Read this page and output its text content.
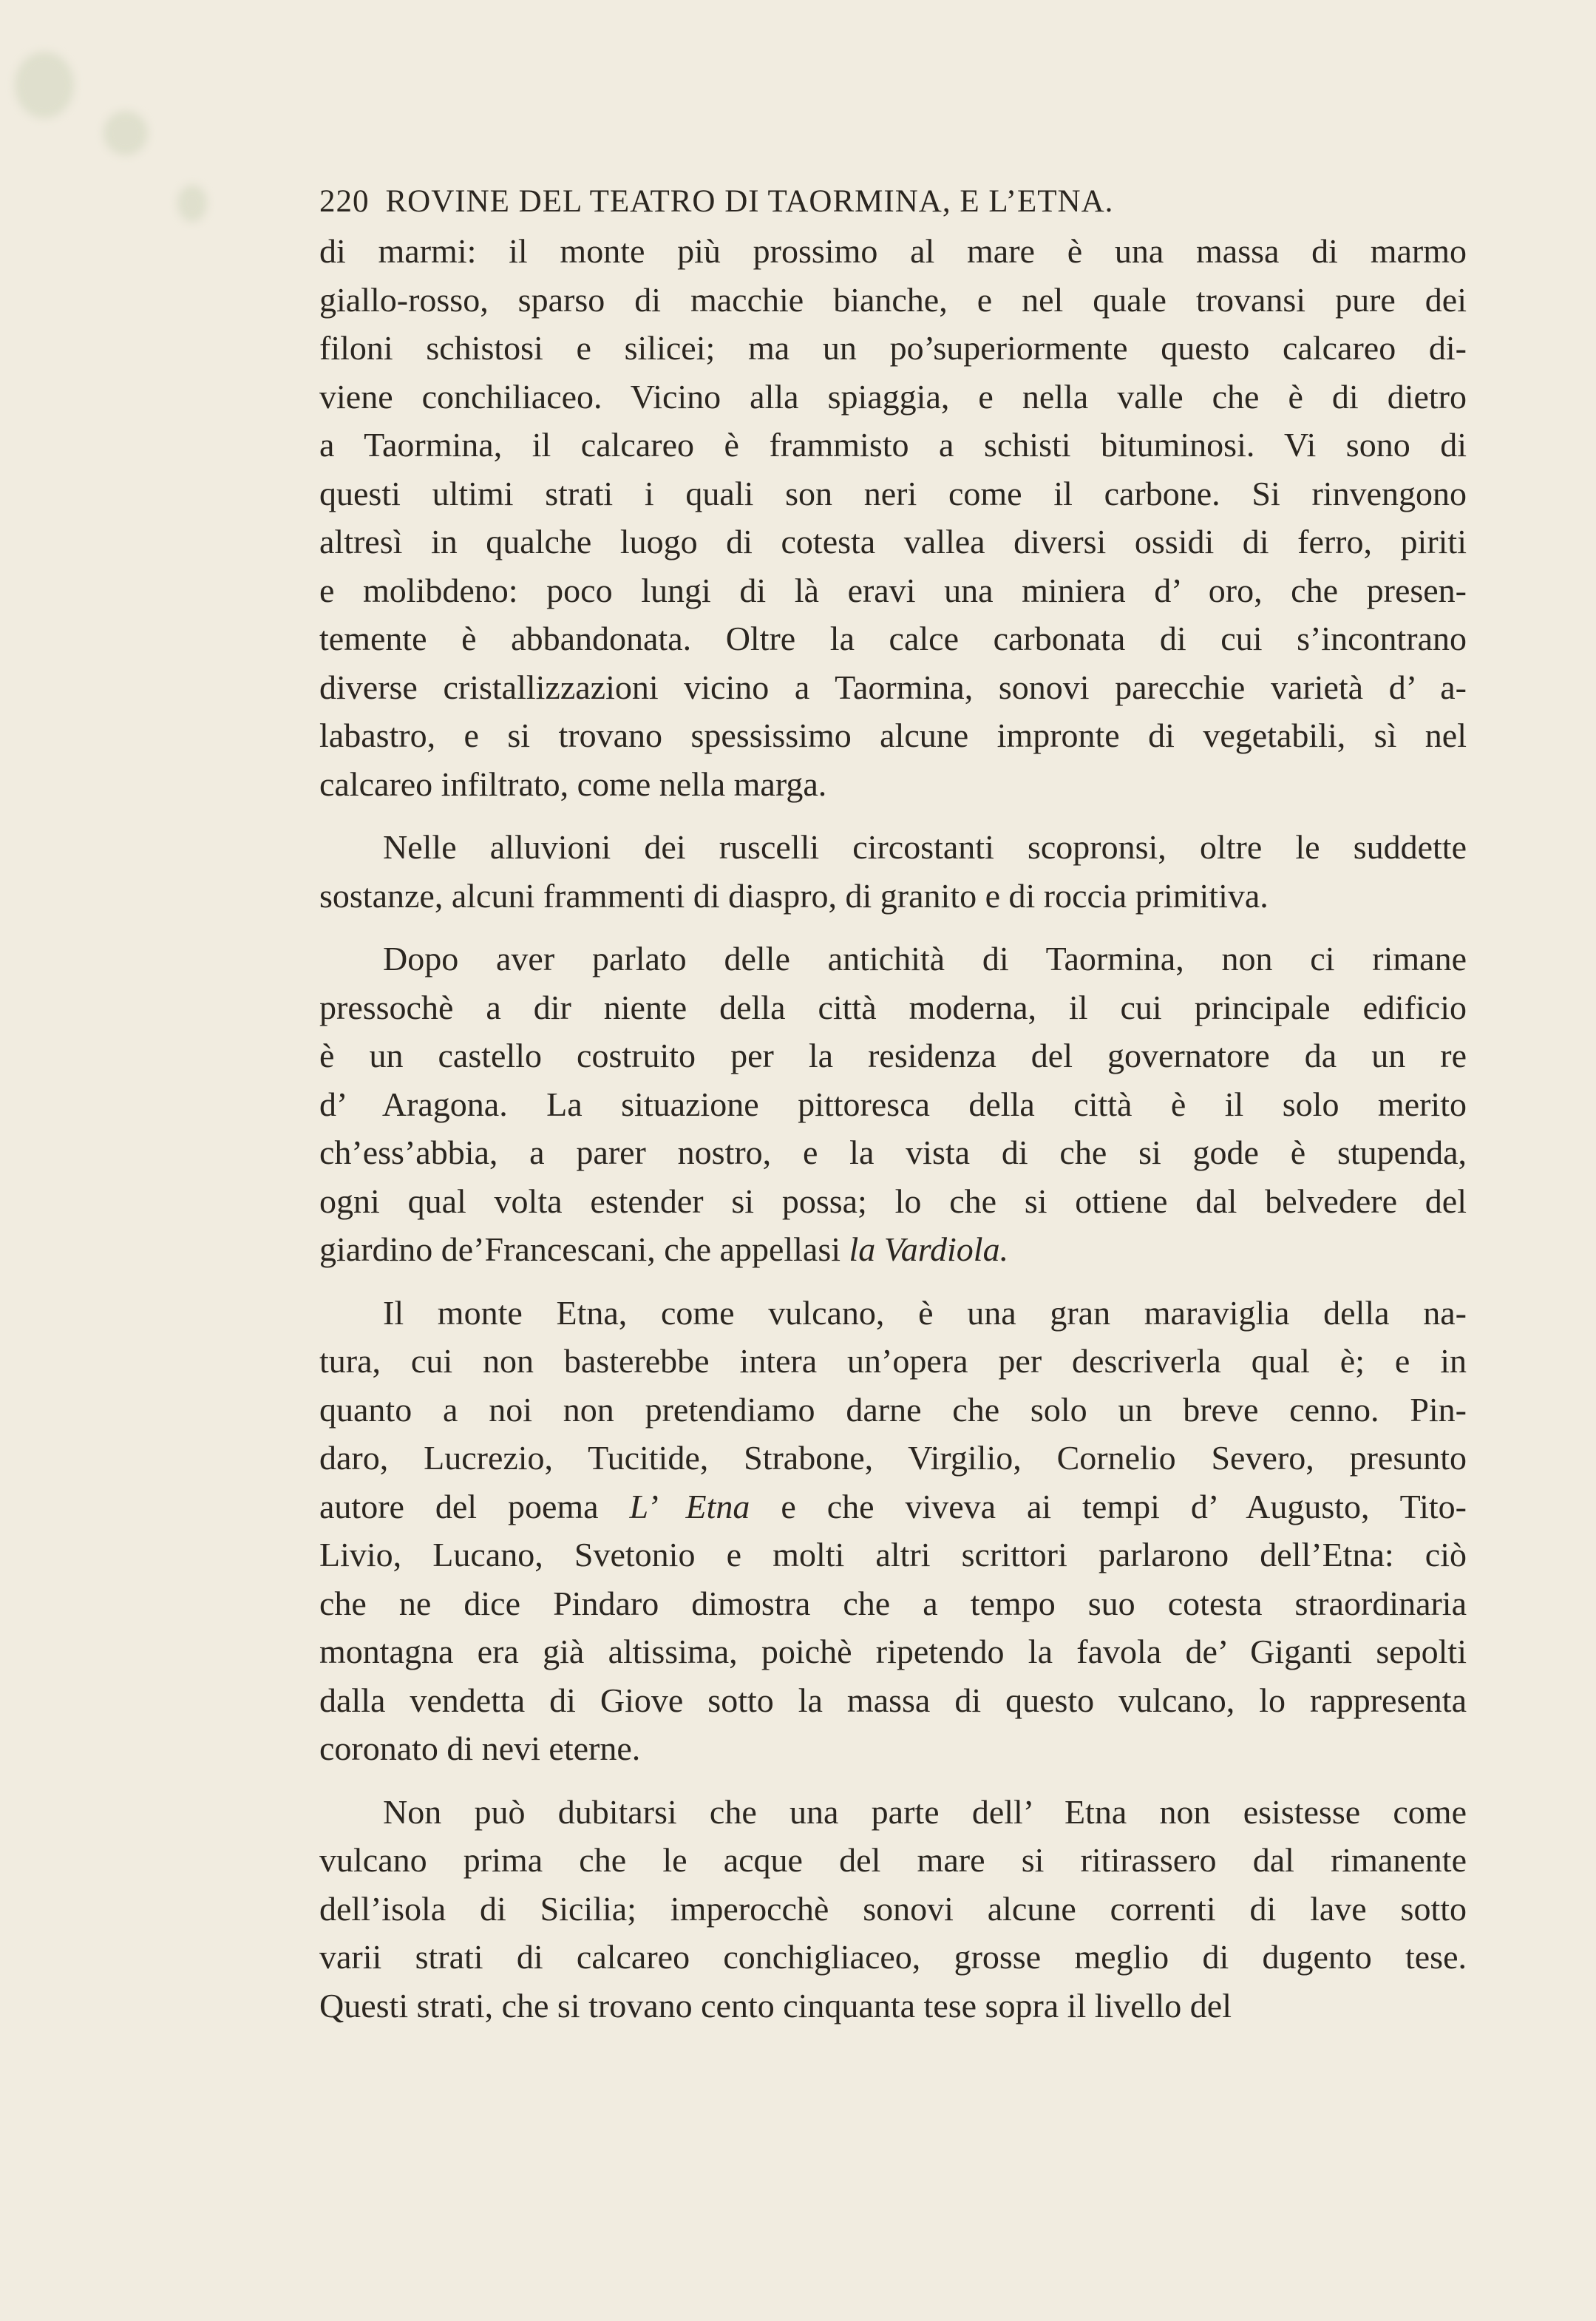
220 ROVINE DEL TEATRO DI TAORMINA, E L’ETNA.

di marmi: il monte più prossimo al mare è una massa di marmo
giallo-rosso, sparso di macchie bianche, e nel quale trovansi pure dei
filoni schistosi e silicei; ma un po’superiormente questo calcareo di-
viene conchiliaceo. Vicino alla spiaggia, e nella valle che è di dietro
a Taormina, il calcareo è frammisto a schisti bituminosi. Vi sono di
questi ultimi strati i quali son neri come il carbone. Si rinvengono
altresì in qualche luogo di cotesta vallea diversi ossidi di ferro, piriti
e molibdeno: poco lungi di là eravi una miniera d’ oro, che presen-
temente è abbandonata. Oltre la calce carbonata di cui s’incontrano
diverse cristallizzazioni vicino a Taormina, sonovi parecchie varietà d’ a-
labastro, e si trovano spessissimo alcune impronte di vegetabili, sì nel
calcareo infiltrato, come nella marga.

Nelle alluvioni dei ruscelli circostanti scopronsi, oltre le suddette
sostanze, alcuni frammenti di diaspro, di granito e di roccia primitiva.

Dopo aver parlato delle antichità di Taormina, non ci rimane
pressochè a dir niente della città moderna, il cui principale edificio
è un castello costruito per la residenza del governatore da un re
d’ Aragona. La situazione pittoresca della città è il solo merito
ch’ess’abbia, a parer nostro, e la vista di che si gode è stupenda,
ogni qual volta estender si possa; lo che si ottiene dal belvedere del
giardino de’Francescani, che appellasi la Vardiola.

Il monte Etna, come vulcano, è una gran maraviglia della na-
tura, cui non basterebbe intera un’opera per descriverla qual è; e in
quanto a noi non pretendiamo darne che solo un breve cenno. Pin-
daro, Lucrezio, Tucitide, Strabone, Virgilio, Cornelio Severo, presunto
autore del poema L’ Etna e che viveva ai tempi d’ Augusto, Tito-
Livio, Lucano, Svetonio e molti altri scrittori parlarono dell’Etna: ciò
che ne dice Pindaro dimostra che a tempo suo cotesta straordinaria
montagna era già altissima, poichè ripetendo la favola de’ Giganti sepolti
dalla vendetta di Giove sotto la massa di questo vulcano, lo rappresenta
coronato di nevi eterne.

Non può dubitarsi che una parte dell’ Etna non esistesse come
vulcano prima che le acque del mare si ritirassero dal rimanente
dell’isola di Sicilia; imperocchè sonovi alcune correnti di lave sotto
varii strati di calcareo conchigliaceo, grosse meglio di dugento tese.
Questi strati, che si trovano cento cinquanta tese sopra il livello del
